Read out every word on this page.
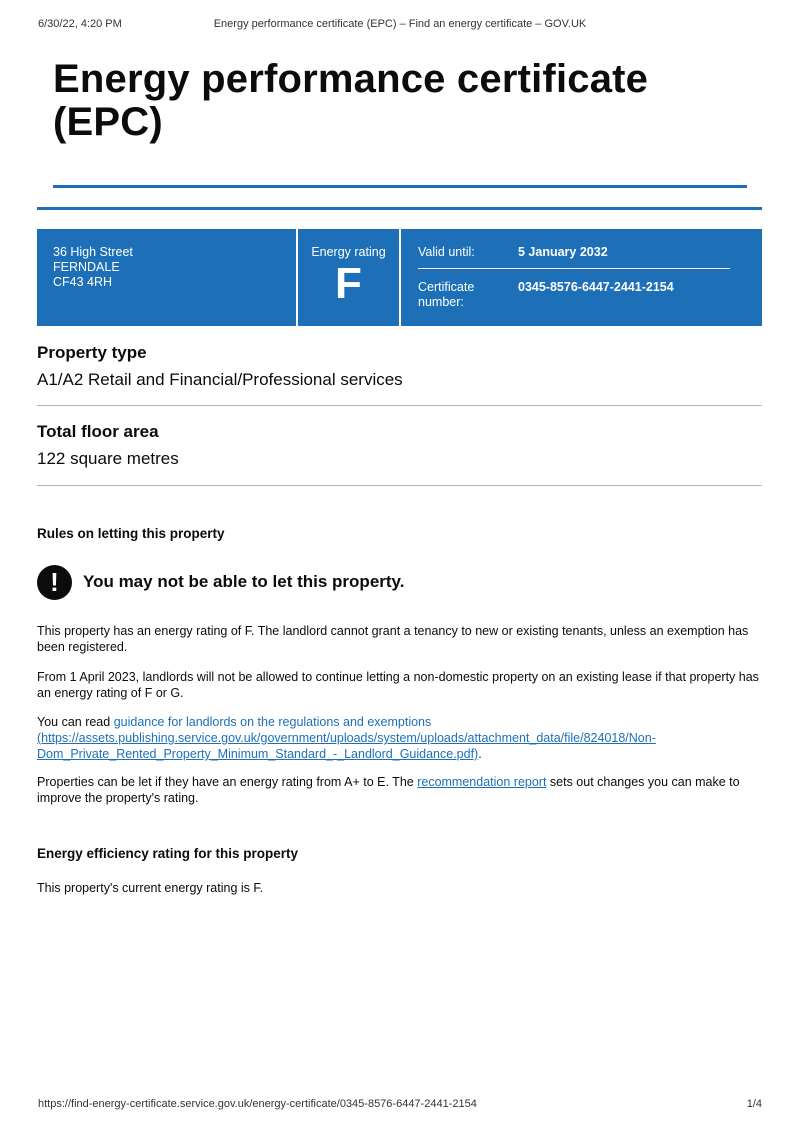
6/30/22, 4:20 PM	Energy performance certificate (EPC) – Find an energy certificate – GOV.UK
Energy performance certificate (EPC)
36 High Street
FERNDALE
CF43 4RH
Energy rating
F
Valid until:	5 January 2032
Certificate number:
0345-8576-6447-2441-2154
Property type

A1/A2 Retail and Financial/Professional services

Total floor area

122 square metres

Rules on letting this property
!	You may not be able to let this property.

This property has an energy rating of F. The landlord cannot grant a tenancy to new or existing tenants, unless an exemption has been registered.

From 1 April 2023, landlords will not be allowed to continue letting a non-domestic property on an existing lease if that property has an energy rating of F or G.

You can read guidance for landlords on the regulations and exemptions
(https://assets.publishing.service.gov.uk/government/uploads/system/uploads/attachment_data/file/824018/Non-Dom_Private_Rented_Property_Minimum_Standard_-_Landlord_Guidance.pdf).

Properties can be let if they have an energy rating from A+ to E. The recommendation report sets out changes you can make to improve the property's rating.

Energy efficiency rating for this property

This property's current energy rating is F.

https://find-energy-certificate.service.gov.uk/energy-certificate/0345-8576-6447-2441-2154	1/4
